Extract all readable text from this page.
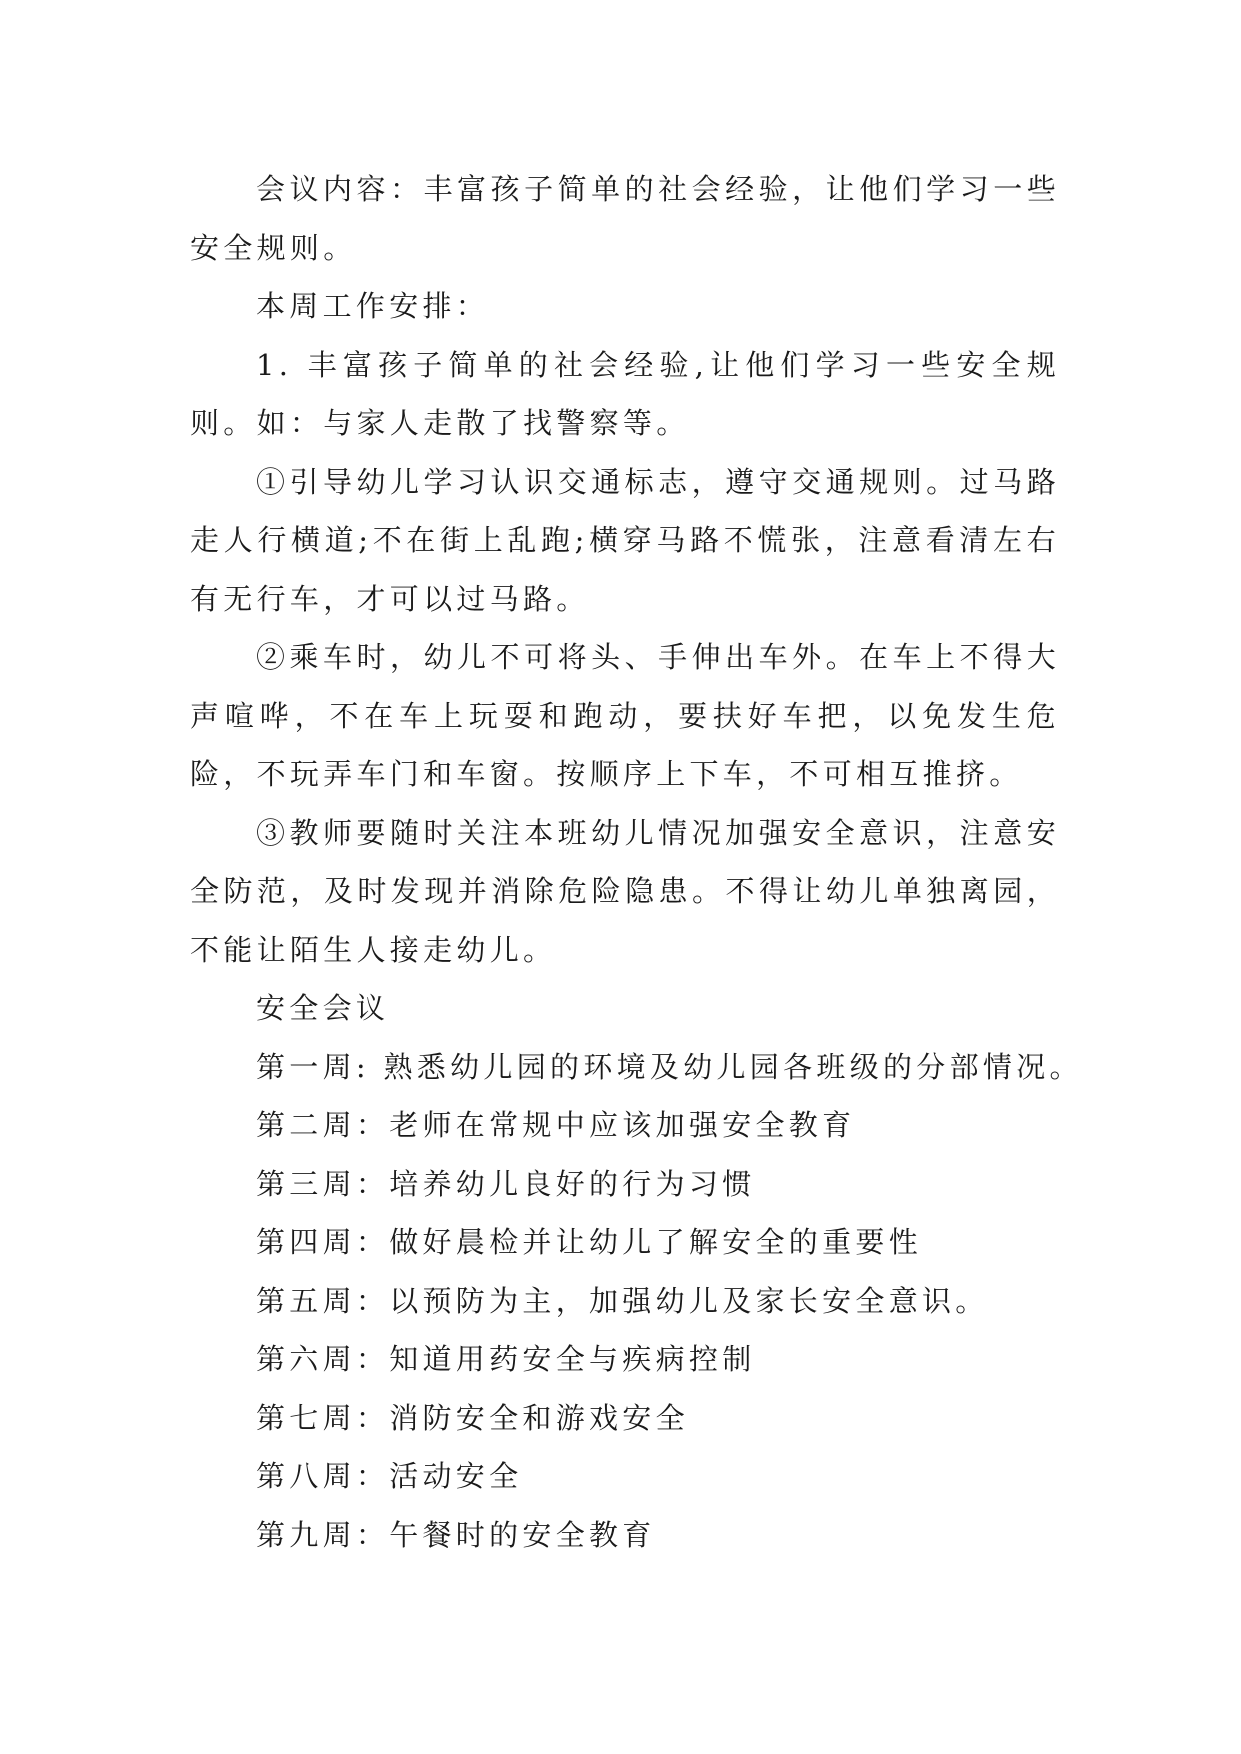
会议内容：丰富孩子简单的社会经验，让他们学习一些安全规则。

本周工作安排：

1. 丰富孩子简单的社会经验,让他们学习一些安全规则。如：与家人走散了找警察等。

①引导幼儿学习认识交通标志，遵守交通规则。过马路走人行横道;不在街上乱跑;横穿马路不慌张，注意看清左右有无行车，才可以过马路。

②乘车时，幼儿不可将头、手伸出车外。在车上不得大声喧哗，不在车上玩耍和跑动，要扶好车把，以免发生危险，不玩弄车门和车窗。按顺序上下车，不可相互推挤。

③教师要随时关注本班幼儿情况加强安全意识，注意安全防范，及时发现并消除危险隐患。不得让幼儿单独离园，不能让陌生人接走幼儿。

安全会议

第一周: 熟悉幼儿园的环境及幼儿园各班级的分部情况。

第二周：老师在常规中应该加强安全教育

第三周：培养幼儿良好的行为习惯

第四周：做好晨检并让幼儿了解安全的重要性

第五周：以预防为主，加强幼儿及家长安全意识。

第六周：知道用药安全与疾病控制

第七周：消防安全和游戏安全

第八周：活动安全

第九周：午餐时的安全教育
